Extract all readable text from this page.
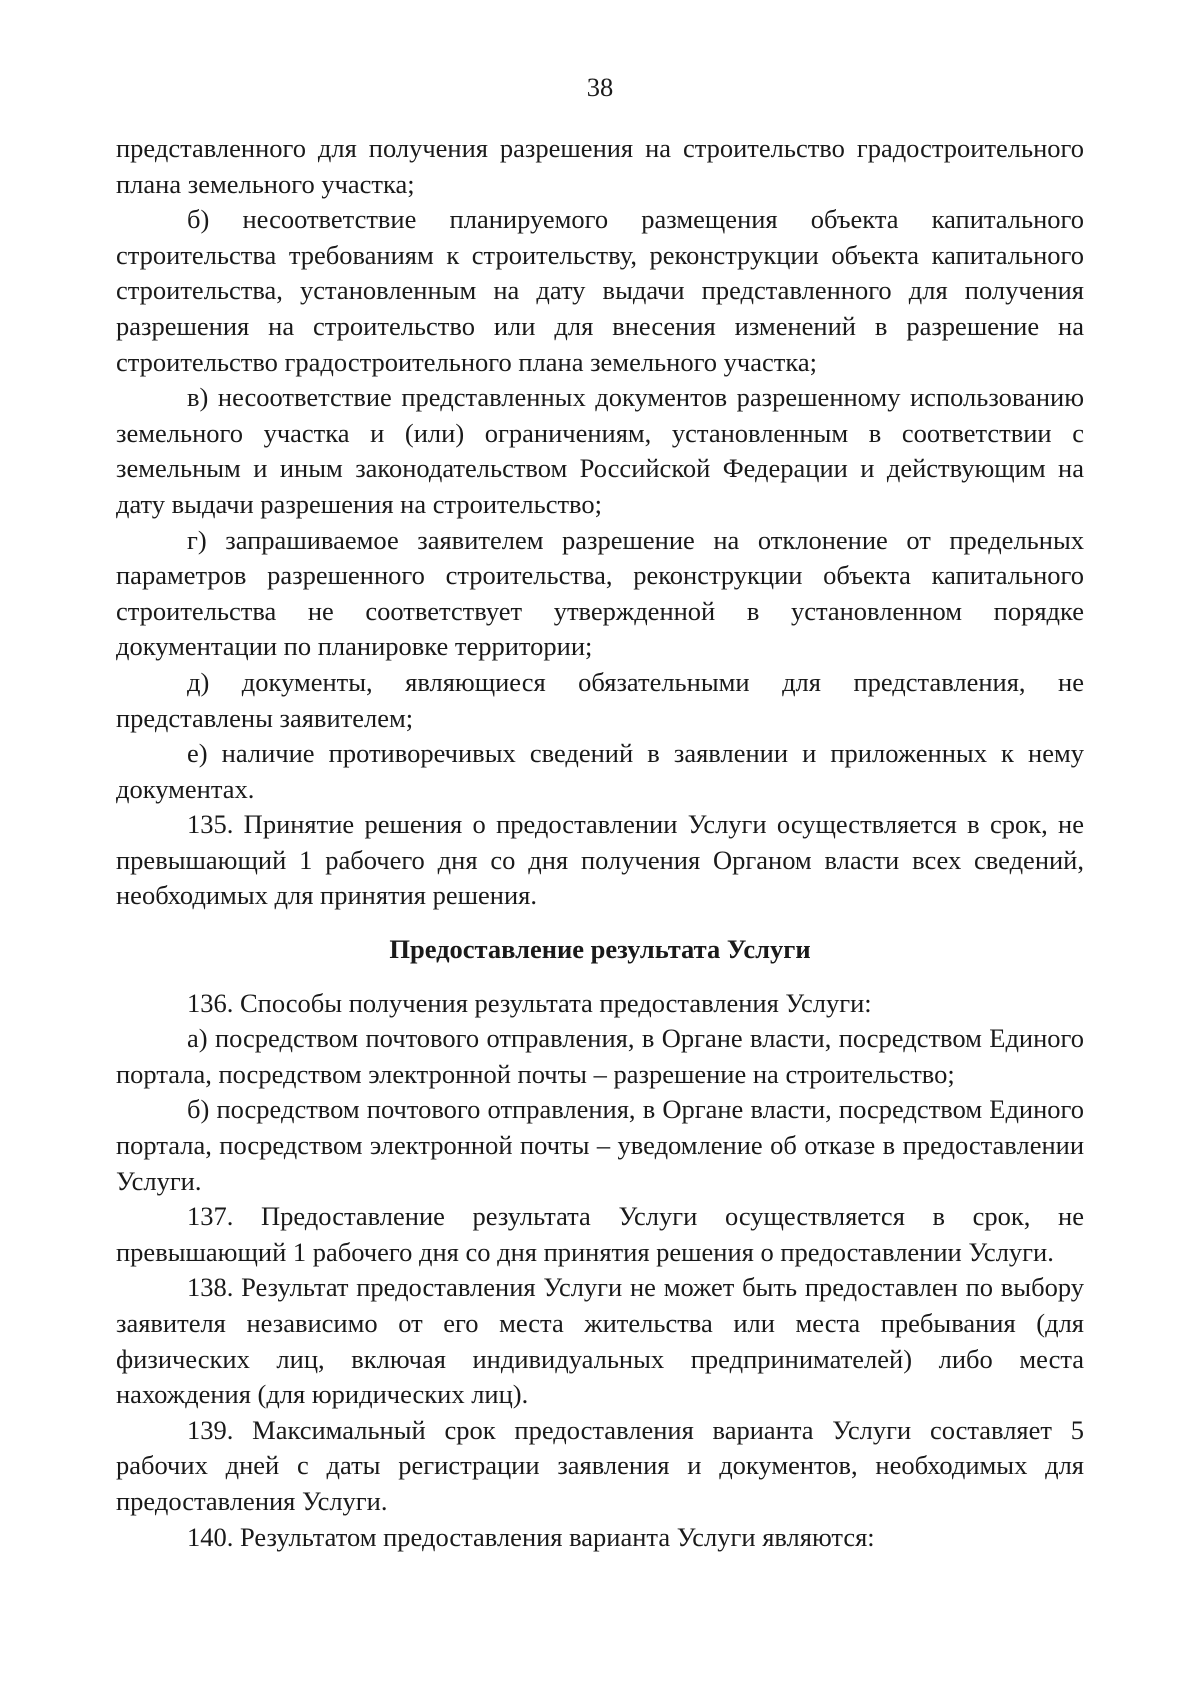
38

представленного для получения разрешения на строительство градостроительного плана земельного участка;

б) несоответствие планируемого размещения объекта капитального строительства требованиям к строительству, реконструкции объекта капитального строительства, установленным на дату выдачи представленного для получения разрешения на строительство или для внесения изменений в разрешение на строительство градостроительного плана земельного участка;

в) несоответствие представленных документов разрешенному использованию земельного участка и (или) ограничениям, установленным в соответствии с земельным и иным законодательством Российской Федерации и действующим на дату выдачи разрешения на строительство;

г) запрашиваемое заявителем разрешение на отклонение от предельных параметров разрешенного строительства, реконструкции объекта капитального строительства не соответствует утвержденной в установленном порядке документации по планировке территории;

д) документы, являющиеся обязательными для представления, не представлены заявителем;

е) наличие противоречивых сведений в заявлении и приложенных к нему документах.

135. Принятие решения о предоставлении Услуги осуществляется в срок, не превышающий 1 рабочего дня со дня получения Органом власти всех сведений, необходимых для принятия решения.

Предоставление результата Услуги

136. Способы получения результата предоставления Услуги:

а) посредством почтового отправления, в Органе власти, посредством Единого портала, посредством электронной почты – разрешение на строительство;

б) посредством почтового отправления, в Органе власти, посредством Единого портала, посредством электронной почты – уведомление об отказе в предоставлении Услуги.

137. Предоставление результата Услуги осуществляется в срок, не превышающий 1 рабочего дня со дня принятия решения о предоставлении Услуги.

138. Результат предоставления Услуги не может быть предоставлен по выбору заявителя независимо от его места жительства или места пребывания (для физических лиц, включая индивидуальных предпринимателей) либо места нахождения (для юридических лиц).

139. Максимальный срок предоставления варианта Услуги составляет 5 рабочих дней с даты регистрации заявления и документов, необходимых для предоставления Услуги.

140. Результатом предоставления варианта Услуги являются:
